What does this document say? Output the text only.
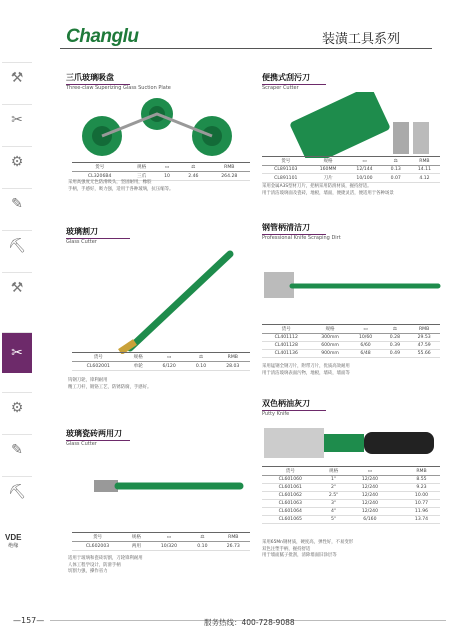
Changlu	装潢工具系列
⚒
✂
⚙
✎
⛏
⚒
✂
⚙
✎
⛏
VDE
绝缘
三爪玻璃吸盘
Three-claw Superizing Glass Suction Plate
货号	规格	▭	⚖	RMB
CL3206B4	三爪	10	2.46	264.28
采用高强度无色防滑吸头，坚固耐用，橡胶
手柄，手感好，吸力强，适用于各种玻璃，抗压缩等。
便携式刮污刀
Scraper Cutter
货号	规格	▭	⚖	RMB
CL891103	160MM	12/144	0.13	14.11
CL891101	刀片	10/100	0.07	4.12
采用金属A3S型材刀片，把柄采用防滑材质，握持舒适。
用于清洁玻璃面及瓷砖，地板，墙面，便捷灵活，便适用于各种场景
玻璃割刀
Glass Cutter
货号	规格	▭	⚖	RMB
CL602001	单轮	6/120	0.10	28.03
钨钢刀轮，锋利耐用
精工刀杆，镀铬工艺，防锈防腐，手感好。
钢管柄清洁刀
Professional Knife Scraping Dirt
货号	规格	▭	⚖	RMB
CL401112	300mm	10/60	0.28	29.53
CL401128	600mm	6/60	0.39	47.59
CL401136	900mm	6/48	0.49	55.66
采用锰钢全钢刀片，附带刀片，优质高效耐用
用于清洁玻璃表面污物，地板，墙砖，墙面等
双色柄油灰刀
Putty Knife
货号	规格	▭		RMB
CL601060	1"	12/240		8.55
CL601061	2"	12/240		9.23
CL601062	2.5"	12/240		10.00
CL601063	3"	12/240		10.77
CL601064	4"	12/240		11.96
CL601065	5"	6/160		13.74
采用65Mn钢材质，硬度高，弹性好，不易变形
双色注塑手柄，握持舒适
用于墙面腻子批刮，清除墙面旧涂层等
玻璃瓷砖两用刀
Glass Cutter
货号	规格	▭	⚖	RMB
CL602003	两用	10/320	0.10	26.73
适用于玻璃和瓷砖切割，刀轮锋利耐用
人体工程学设计，防滑手柄
切割力强，操作省力
—157—	服务热线：400-728-9088
